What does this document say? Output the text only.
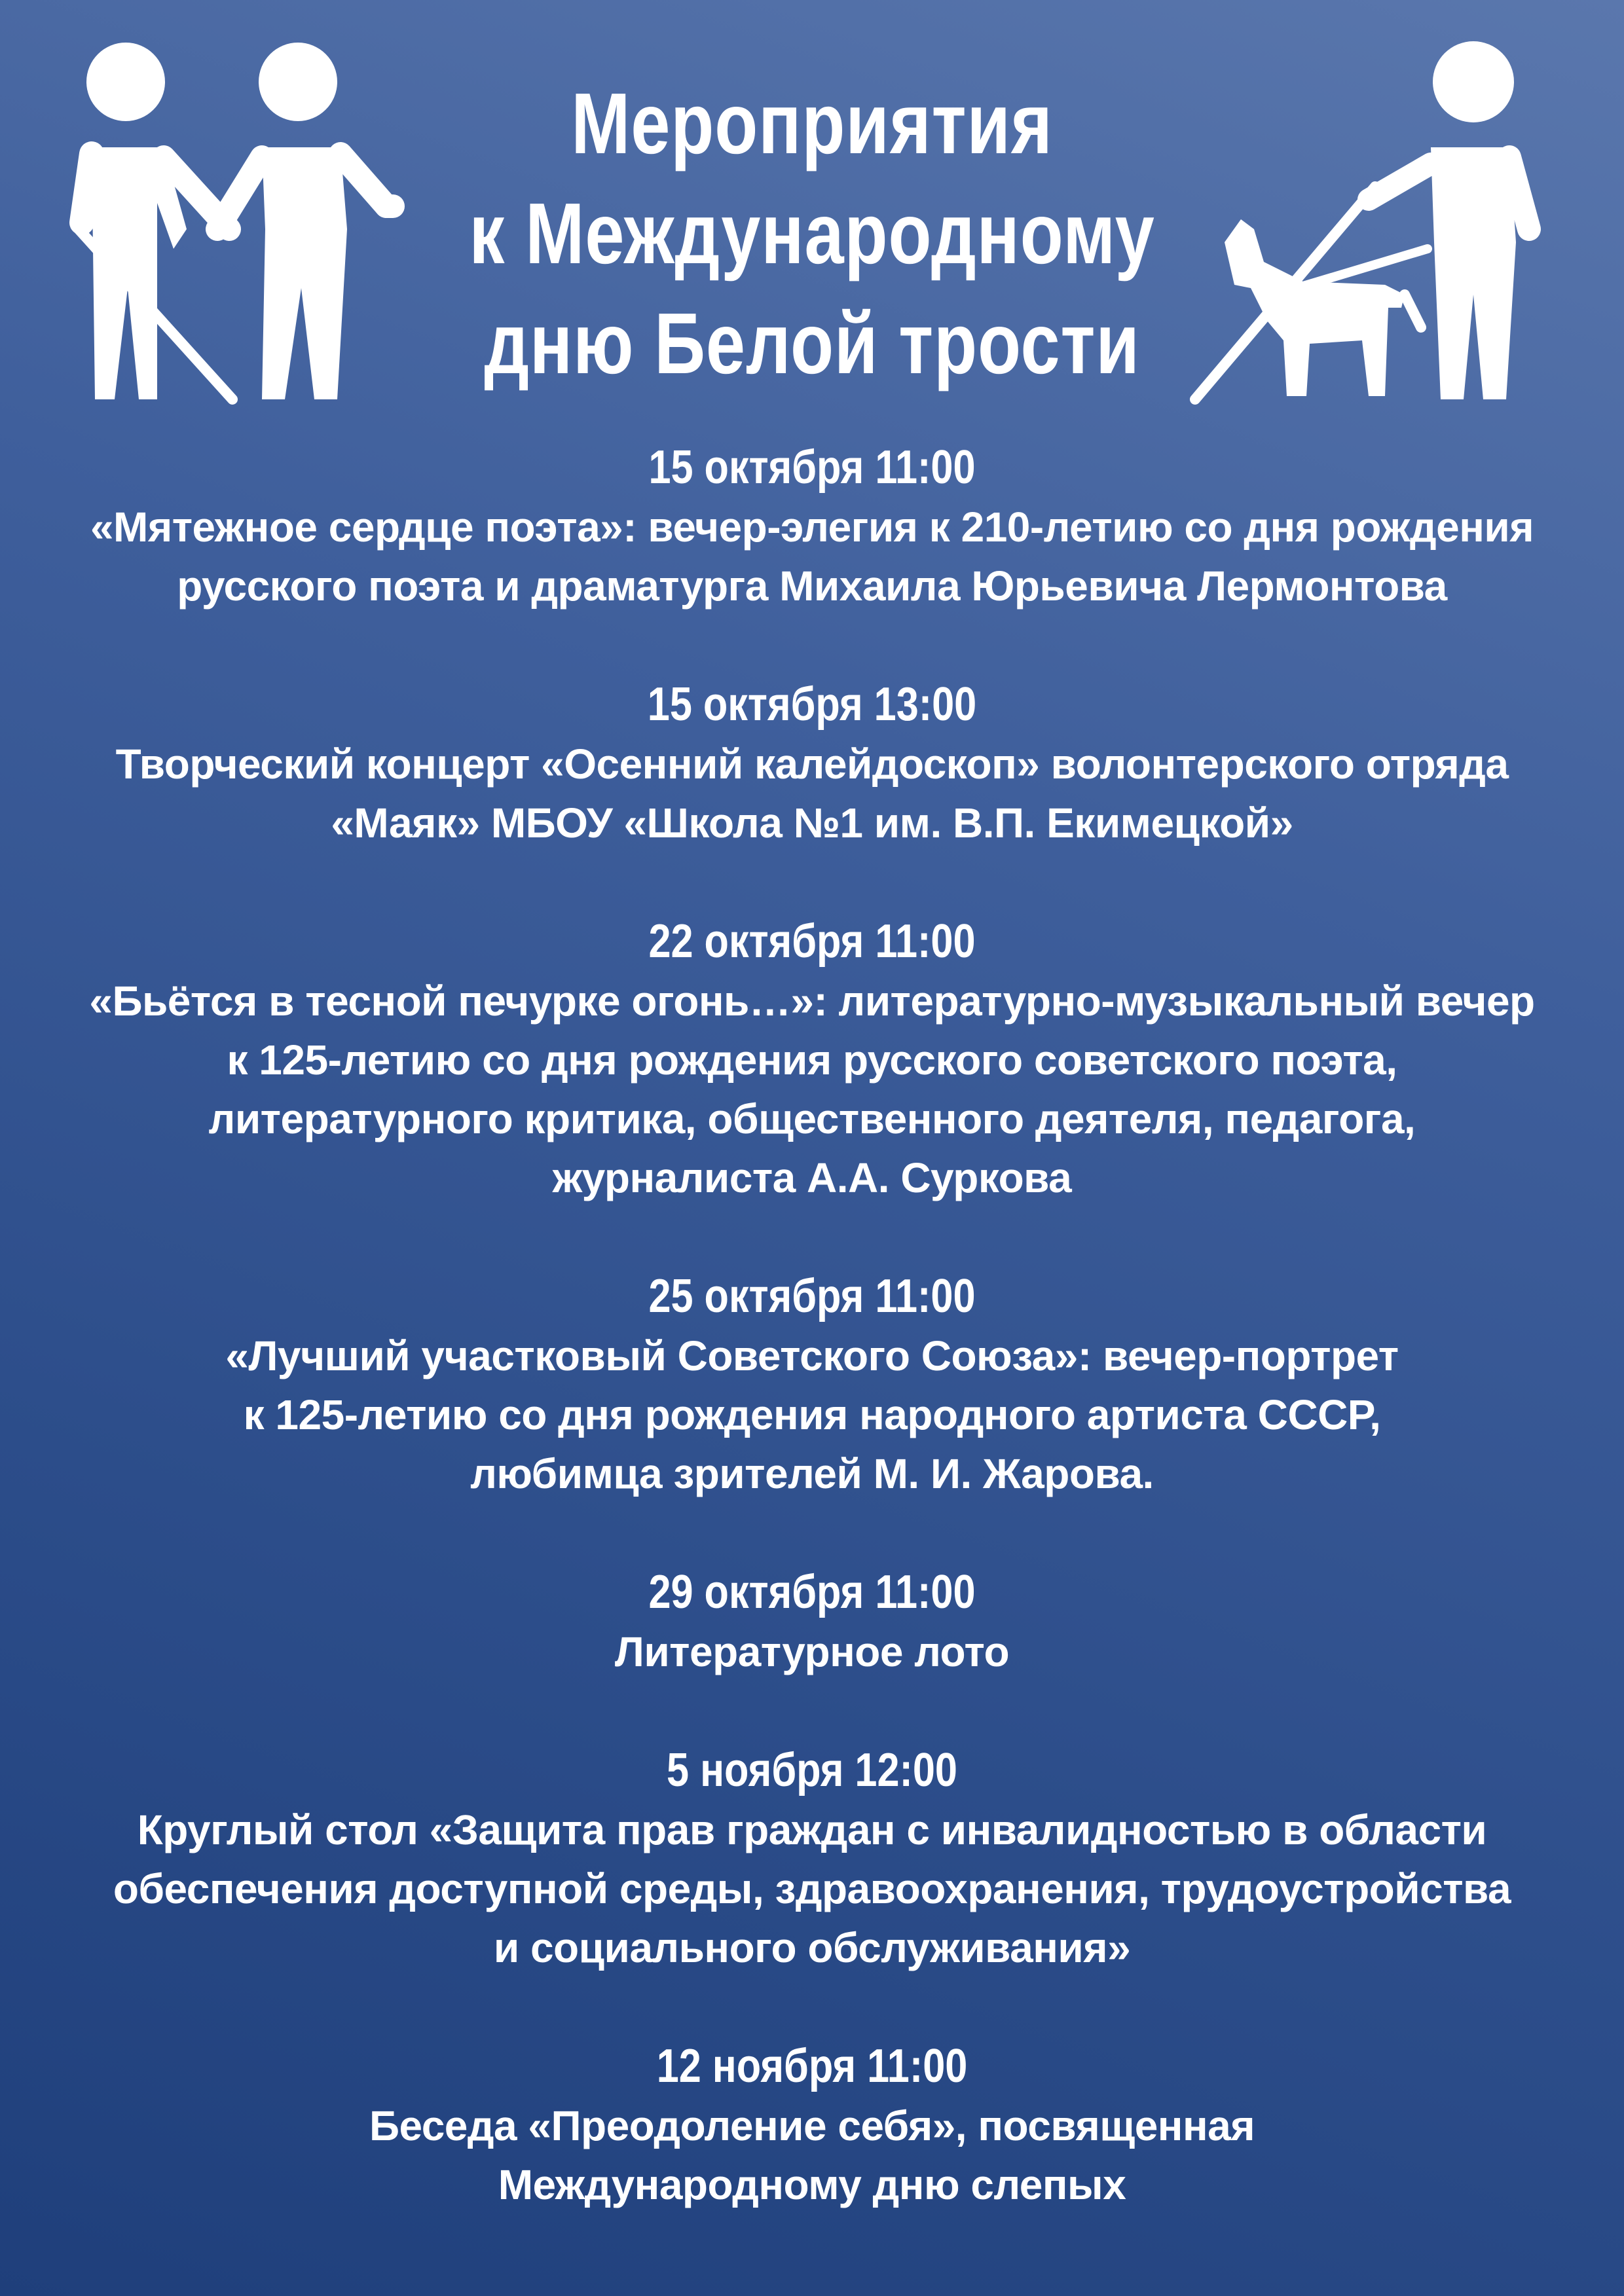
Мероприятия
к Международному
дню Белой трости
15 октября 11:00
«Мятежное сердце поэта»: вечер-элегия к 210-летию со дня рождения
русского поэта и драматурга Михаила Юрьевича Лермонтова
15 октября 13:00
Творческий концерт «Осенний калейдоскоп» волонтерского отряда
«Маяк» МБОУ «Школа №1 им. В.П. Екимецкой»
22 октября 11:00
«Бьётся в тесной печурке огонь…»: литературно-музыкальный вечер
к 125-летию со дня рождения русского советского поэта,
литературного критика, общественного деятеля, педагога,
журналиста А.А. Суркова
25 октября 11:00
«Лучший участковый Советского Союза»: вечер-портрет
к 125-летию со дня рождения народного артиста СССР,
любимца зрителей М. И. Жарова.
29 октября 11:00
Литературное лото
5 ноября 12:00
Круглый стол «Защита прав граждан с инвалидностью в области
обеспечения доступной среды, здравоохранения, трудоустройства
и социального обслуживания»
12 ноября 11:00
Беседа «Преодоление себя», посвященная
Международному дню слепых
